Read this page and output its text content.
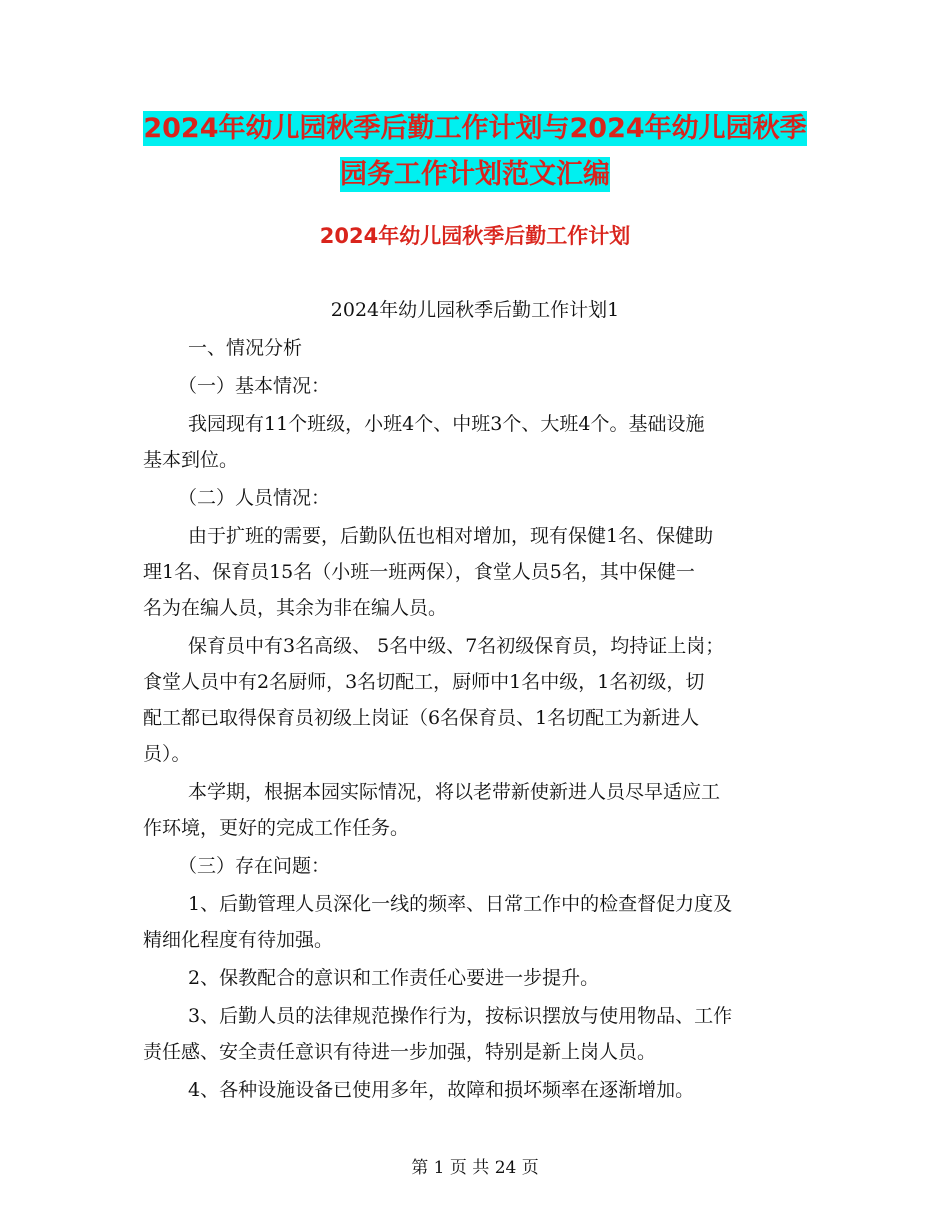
2024年幼儿园秋季后勤工作计划与2024年幼儿园秋季
园务工作计划范文汇编
2024年幼儿园秋季后勤工作计划
2024年幼儿园秋季后勤工作计划1
一、情况分析
（一）基本情况：
我园现有11个班级，小班4个、中班3个、大班4个。基础设施
基本到位。
（二）人员情况：
由于扩班的需要，后勤队伍也相对增加，现有保健1名、保健助
理1名、保育员15名（小班一班两保），食堂人员5名，其中保健一
名为在编人员，其余为非在编人员。
保育员中有3名高级、 5名中级、7名初级保育员，均持证上岗；
食堂人员中有2名厨师，3名切配工，厨师中1名中级，1名初级，切
配工都已取得保育员初级上岗证（6名保育员、1名切配工为新进人
员）。
本学期，根据本园实际情况，将以老带新使新进人员尽早适应工
作环境，更好的完成工作任务。
（三）存在问题：
1、后勤管理人员深化一线的频率、日常工作中的检查督促力度及
精细化程度有待加强。
2、保教配合的意识和工作责任心要进一步提升。
3、后勤人员的法律规范操作行为，按标识摆放与使用物品、工作
责任感、安全责任意识有待进一步加强，特别是新上岗人员。
4、各种设施设备已使用多年，故障和损坏频率在逐渐增加。
第 1 页 共 24 页
